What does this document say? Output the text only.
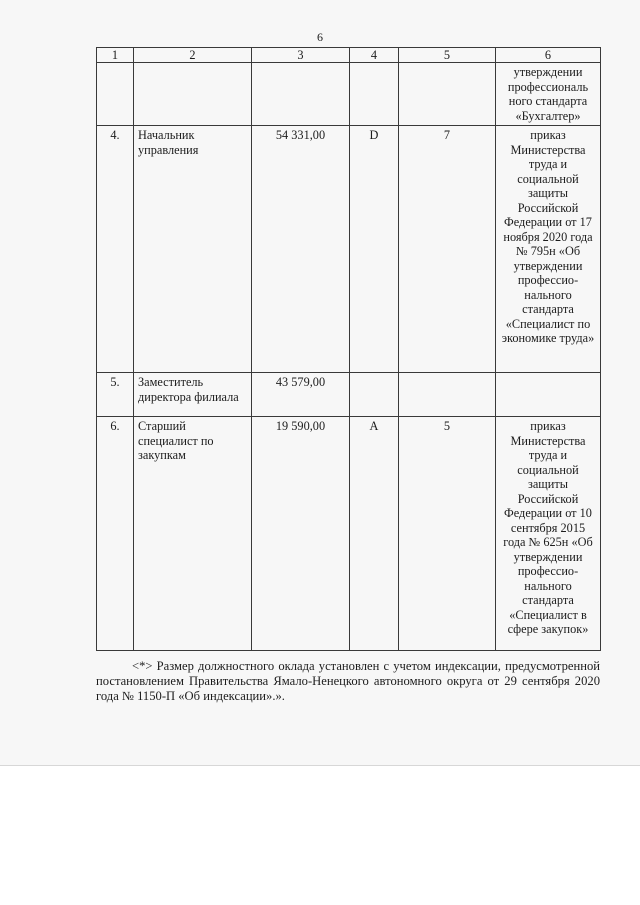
6
1	2	3	4	5	6
					утверждении профессиональ ного стандарта «Бухгалтер»
4.	Начальник управления	54 331,00	D	7	приказ Министерства труда и социальной защиты Российской Федерации от 17 ноября 2020 года № 795н «Об утверждении профессио-нального стандарта «Специалист по экономике труда»
5.	Заместитель директора филиала	43 579,00			
6.	Старший специалист по закупкам	19 590,00	А	5	приказ Министерства труда и социальной защиты Российской Федерации от 10 сентября 2015 года № 625н «Об утверждении профессио-нального стандарта «Специалист в сфере закупок»

<*> Размер должностного оклада установлен с учетом индексации, предусмотренной постановлением Правительства Ямало-Ненецкого автономного округа от 29 сентября 2020 года № 1150-П «Об индексации».».
